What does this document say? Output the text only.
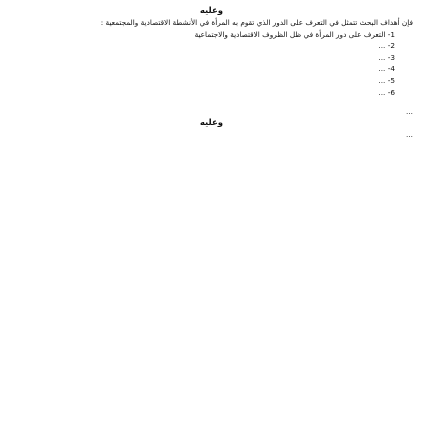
وعليه
فإن أهداف البحث تتمثل في التعرف على الدور الذي تقوم به المرأة في الأنشطة الاقتصادية والمجتمعية :
1- التعرف على دور المرأة في ظل الظروف الاقتصادية والاجتماعية
2- ...
3- ...
4- ...
5- ...
6- ...
...
وعليه
...
